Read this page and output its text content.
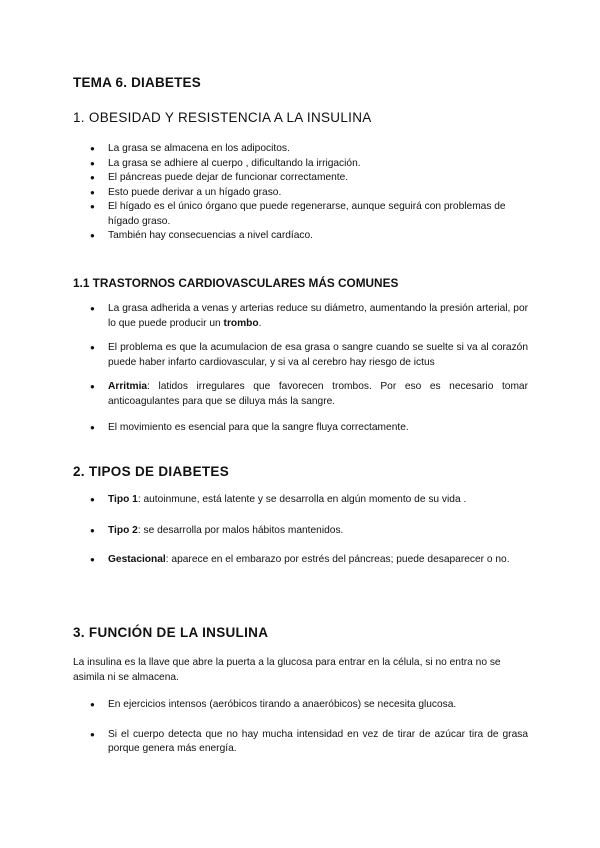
TEMA 6. DIABETES
1. OBESIDAD Y RESISTENCIA A LA INSULINA
● La grasa se almacena en los adipocitos.
● La grasa se adhiere al cuerpo , dificultando la irrigación.
● El páncreas puede dejar de funcionar correctamente.
● Esto puede derivar a un hígado graso.
● El hígado es el único órgano que puede regenerarse, aunque seguirá con problemas de hígado graso.
● También hay consecuencias a nivel cardíaco.
1.1 TRASTORNOS CARDIOVASCULARES MÁS COMUNES
● La grasa adherida a venas y arterias reduce su diámetro, aumentando la presión arterial, por lo que puede producir un trombo.
● El problema es que la acumulacion de esa grasa o sangre cuando se suelte si va al corazón puede haber infarto cardiovascular, y si va al cerebro hay riesgo de ictus
● Arritmia: latidos irregulares que favorecen trombos. Por eso es necesario tomar anticoagulantes para que se diluya más la sangre.
● El movimiento es esencial para que la sangre fluya correctamente.
2. TIPOS DE DIABETES
● Tipo 1: autoinmune, está latente y se desarrolla en algún momento de su vida .
● Tipo 2: se desarrolla por malos hábitos mantenidos.
● Gestacional: aparece en el embarazo por estrés del páncreas; puede desaparecer o no.
3. FUNCIÓN DE LA INSULINA

La insulina es la llave que abre la puerta a la glucosa para entrar en la célula, si no entra no se asimila ni se almacena.

● En ejercicios intensos (aeróbicos tirando a anaeróbicos) se necesita glucosa.
● Si el cuerpo detecta que no hay mucha intensidad en vez de tirar de azúcar tira de grasa porque genera más energía.
